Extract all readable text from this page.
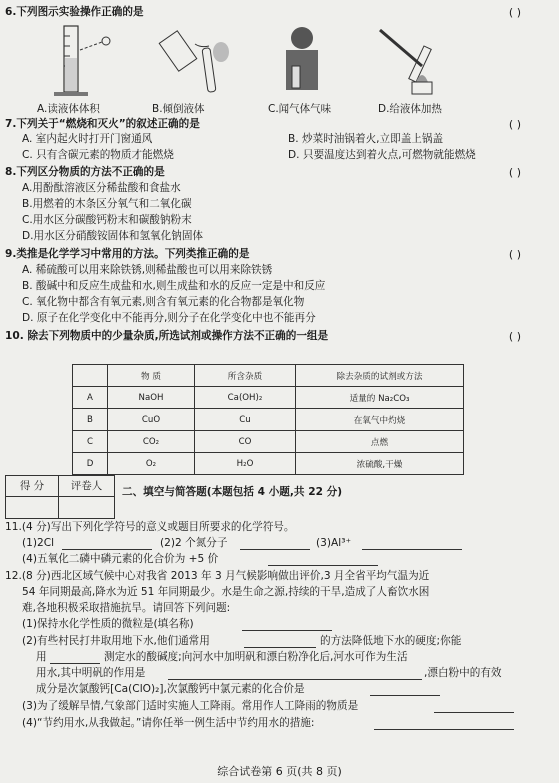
6.下列图示实验操作正确的是	( )
A.读液体体积	B.倾倒液体	C.闻气体气味	D.给液体加热
7.下列关于“燃烧和灭火”的叙述正确的是	( )
A. 室内起火时打开门窗通风	B. 炒菜时油锅着火,立即盖上锅盖
C. 只有含碳元素的物质才能燃烧	D. 只要温度达到着火点,可燃物就能燃烧
8.下列区分物质的方法不正确的是	( )
A.用酚酞溶液区分稀盐酸和食盐水
B.用燃着的木条区分氧气和二氧化碳
C.用水区分碳酸钙粉末和碳酸钠粉末
D.用水区分硝酸铵固体和氢氧化钠固体
9.类推是化学学习中常用的方法。下列类推正确的是	( )
A. 稀硫酸可以用来除铁锈,则稀盐酸也可以用来除铁锈
B. 酸碱中和反应生成盐和水,则生成盐和水的反应一定是中和反应
C. 氧化物中都含有氧元素,则含有氧元素的化合物都是氧化物
D. 原子在化学变化中不能再分,则分子在化学变化中也不能再分
10. 除去下列物质中的少量杂质,所选试剂或操作方法不正确的一组是	( )
	物 质	所含杂质	除去杂质的试剂或方法
A	NaOH	Ca(OH)₂	适量的 Na₂CO₃
B	CuO	Cu	在氧气中灼烧
C	CO₂	CO	点燃
D	O₂	H₂O	浓硫酸,干燥
得 分	评卷人	二、填空与简答题(本题包括 4 小题,共 22 分)
11.(4 分)写出下列化学符号的意义或题目所要求的化学符号。
(1)2Cl	(2)2 个氮分子	(3)Al³⁺
(4)五氧化二磷中磷元素的化合价为 +5 价
12.(8 分)西北区域气候中心对我省 2013 年 3 月气候影响做出评价,3 月全省平均气温为近
54 年同期最高,降水为近 51 年同期最少。水是生命之源,持续的干旱,造成了人畜饮水困
难,各地积极采取措施抗旱。请回答下列问题:
(1)保持水化学性质的微粒是(填名称)
(2)有些村民打井取用地下水,他们通常用	的方法降低地下水的硬度;你能
用	测定水的酸碱度;向河水中加明矾和漂白粉净化后,河水可作为生活
用水,其中明矾的作用是	,漂白粉中的有效
成分是次氯酸钙[Ca(ClO)₂],次氯酸钙中氯元素的化合价是
(3)为了缓解旱情,气象部门适时实施人工降雨。常用作人工降雨的物质是
(4)“节约用水,从我做起。”请你任举一例生活中节约用水的措施:
综合试卷第 6 页(共 8 页)
